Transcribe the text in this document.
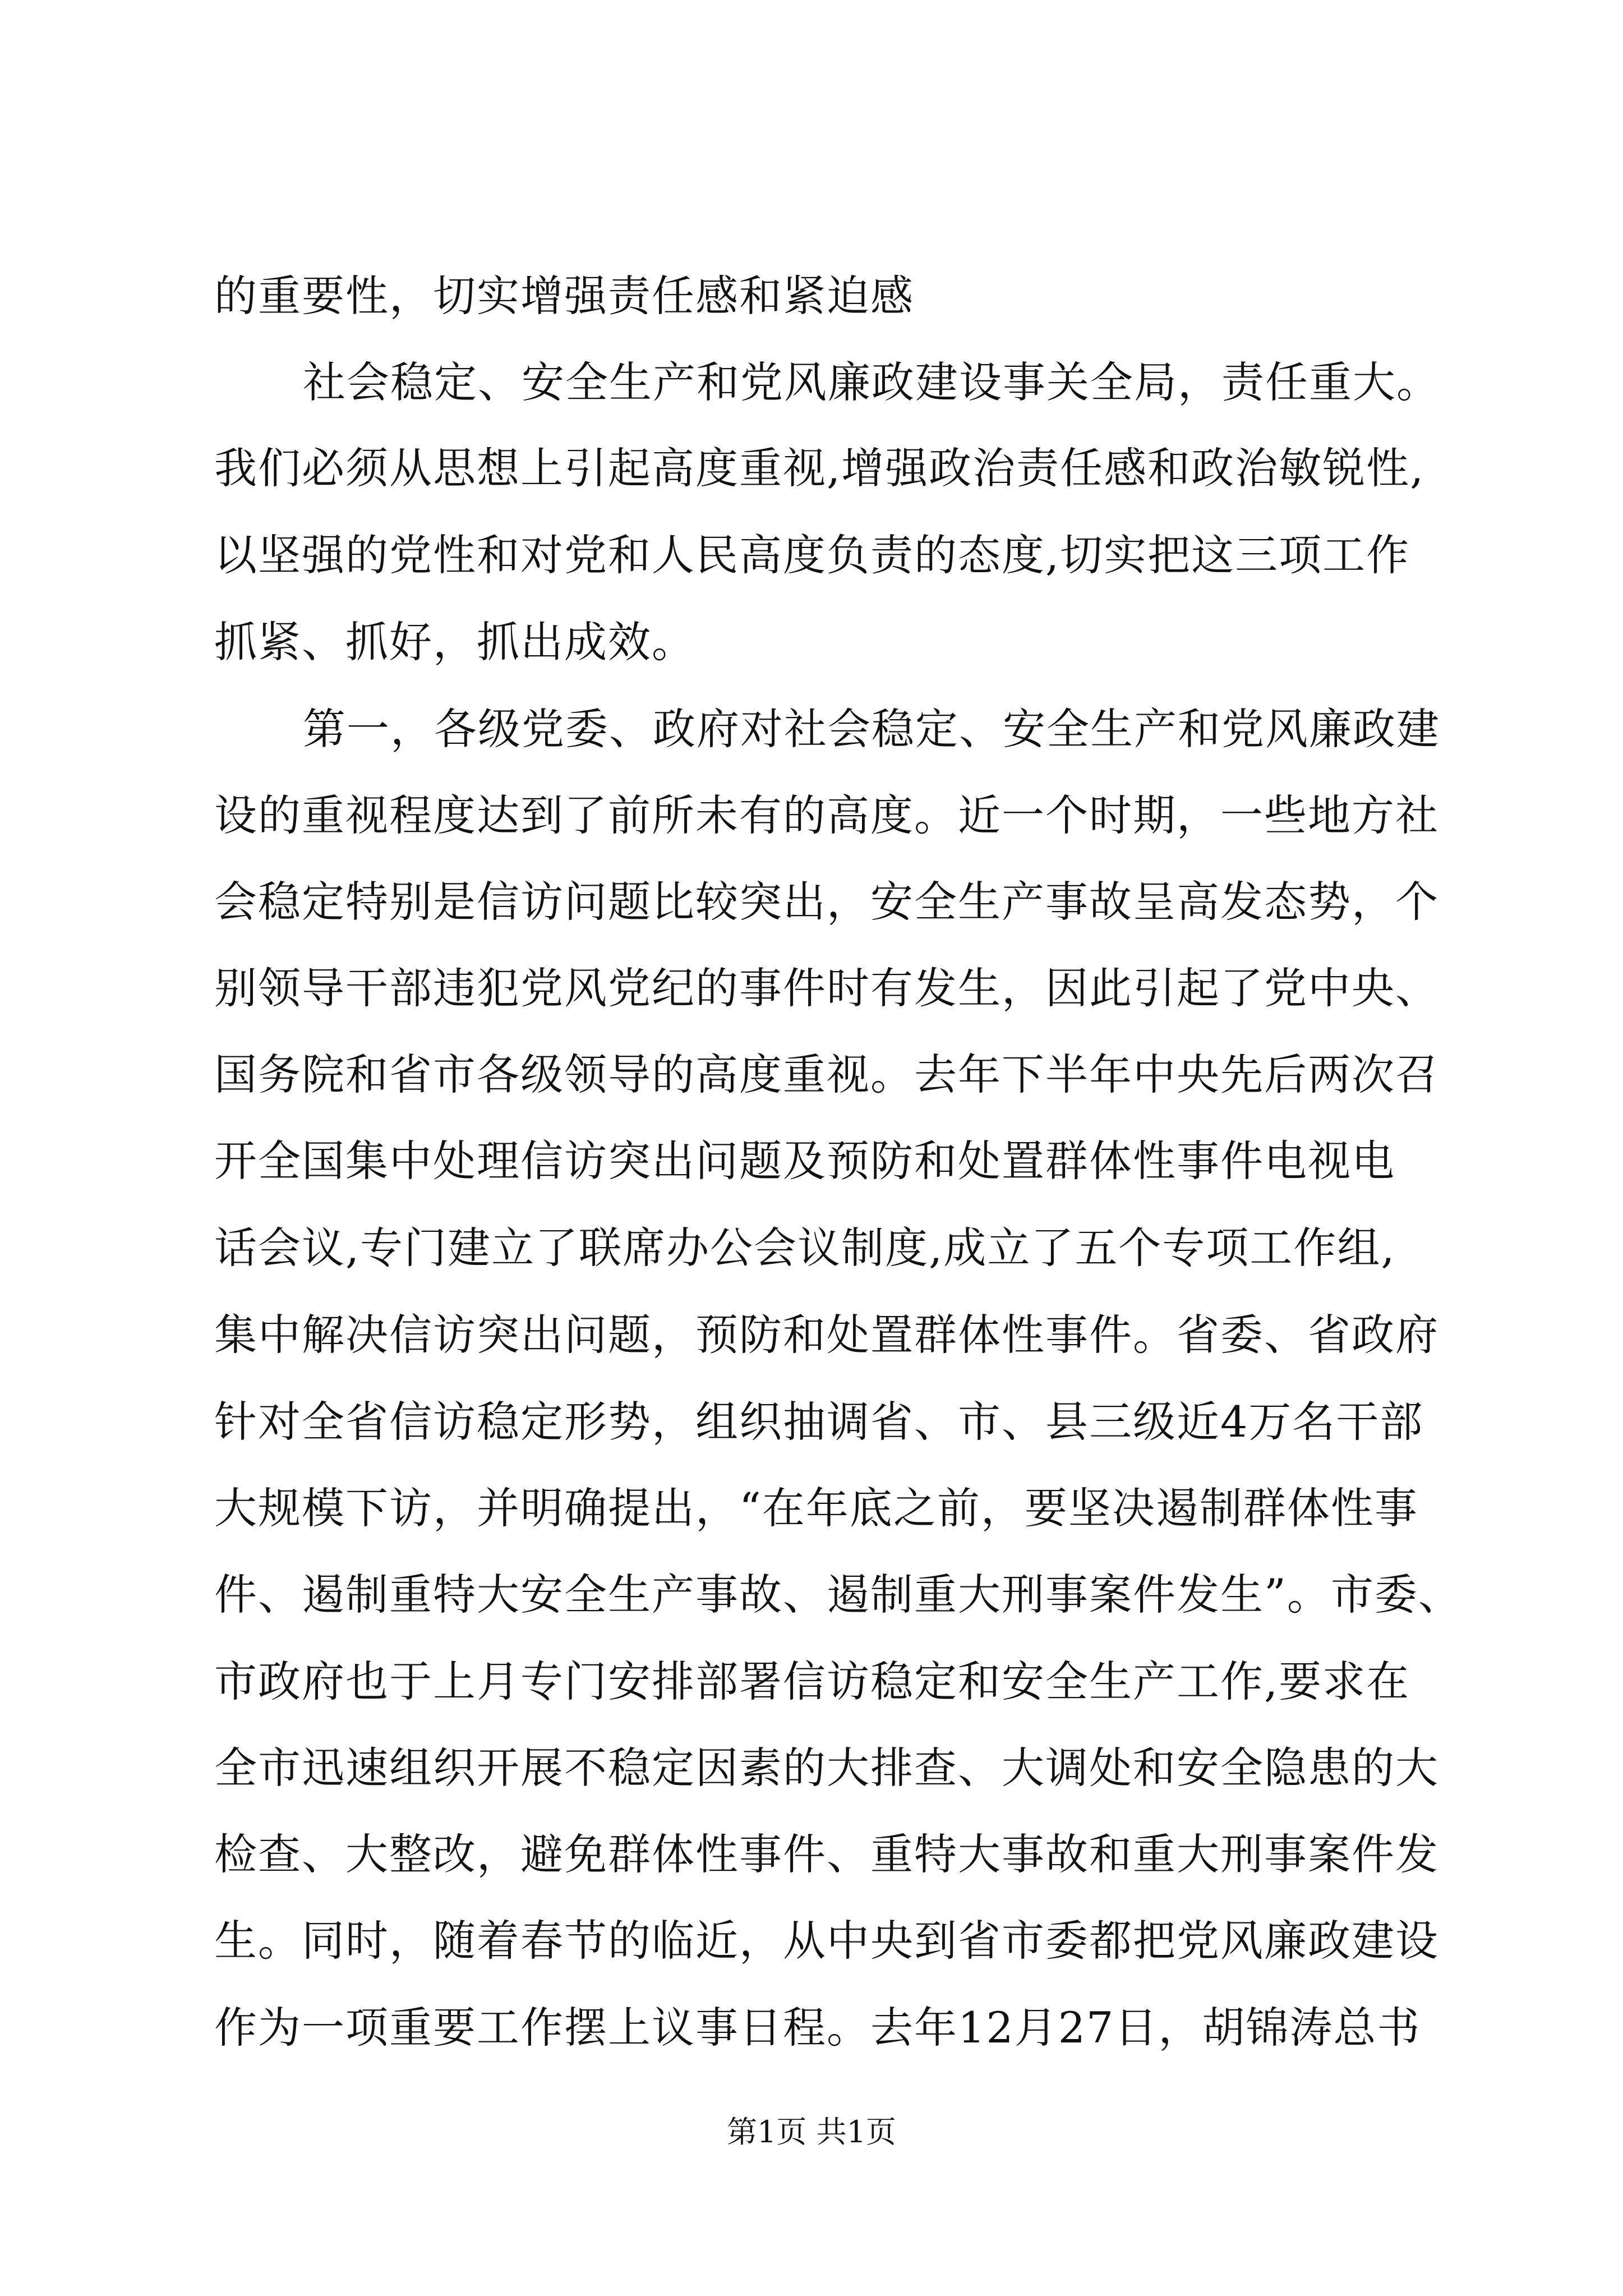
的重要性，切实增强责任感和紧迫感
社会稳定、安全生产和党风廉政建设事关全局，责任重大。
我们必须从思想上引起高度重视,增强政治责任感和政治敏锐性,
以坚强的党性和对党和人民高度负责的态度,切实把这三项工作
抓紧、抓好，抓出成效。
第一，各级党委、政府对社会稳定、安全生产和党风廉政建
设的重视程度达到了前所未有的高度。近一个时期，一些地方社
会稳定特别是信访问题比较突出，安全生产事故呈高发态势，个
别领导干部违犯党风党纪的事件时有发生，因此引起了党中央、
国务院和省市各级领导的高度重视。去年下半年中央先后两次召
开全国集中处理信访突出问题及预防和处置群体性事件电视电
话会议,专门建立了联席办公会议制度,成立了五个专项工作组,
集中解决信访突出问题，预防和处置群体性事件。省委、省政府
针对全省信访稳定形势，组织抽调省、市、县三级近4万名干部
大规模下访，并明确提出，“在年底之前，要坚决遏制群体性事
件、遏制重特大安全生产事故、遏制重大刑事案件发生”。市委、
市政府也于上月专门安排部署信访稳定和安全生产工作,要求在
全市迅速组织开展不稳定因素的大排查、大调处和安全隐患的大
检查、大整改，避免群体性事件、重特大事故和重大刑事案件发
生。同时，随着春节的临近，从中央到省市委都把党风廉政建设
作为一项重要工作摆上议事日程。去年12月27日，胡锦涛总书
第1页 共1页
